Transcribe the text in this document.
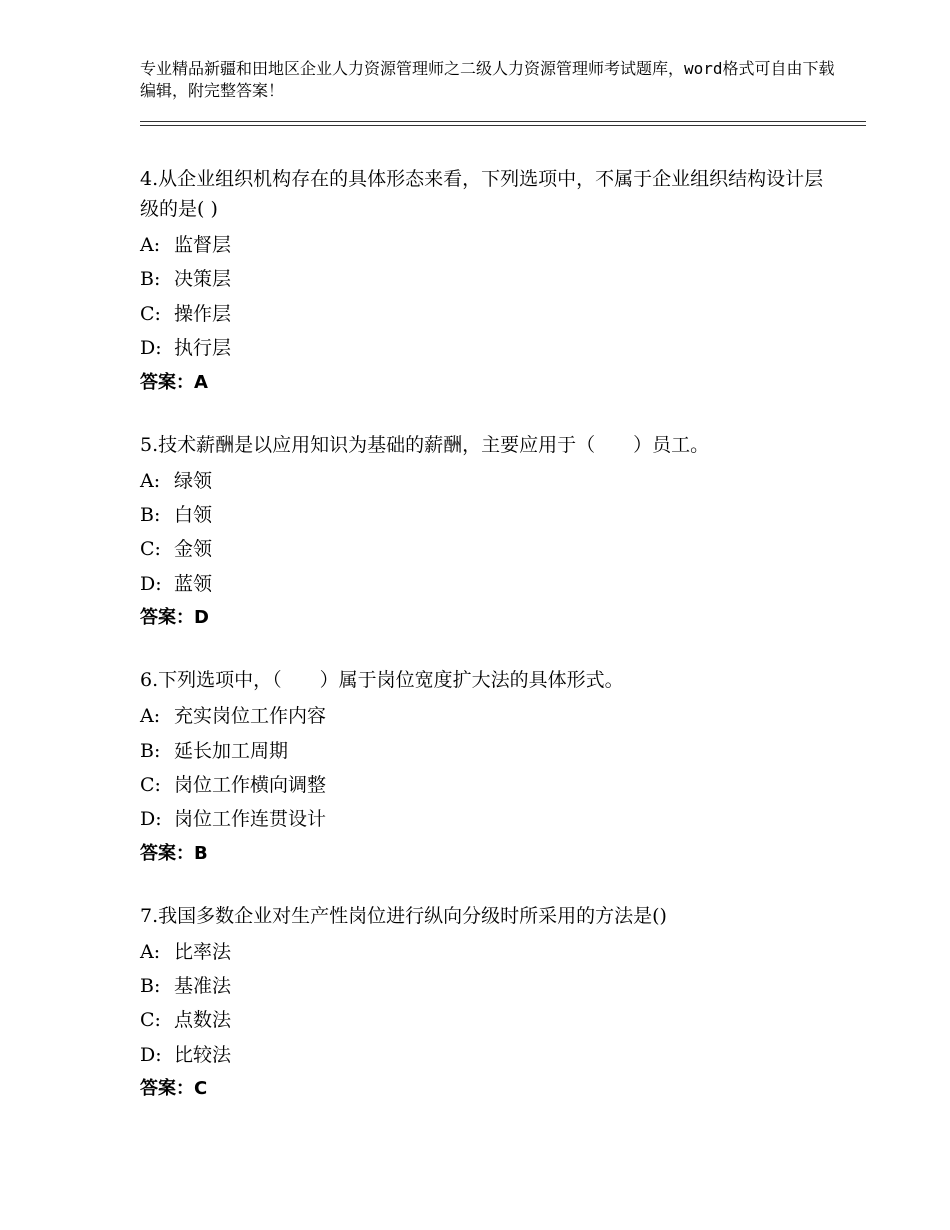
专业精品新疆和田地区企业人力资源管理师之二级人力资源管理师考试题库，word格式可自由下载编辑，附完整答案！
4.从企业组织机构存在的具体形态来看，下列选项中，不属于企业组织结构设计层级的是( )
A: 监督层
B: 决策层
C: 操作层
D: 执行层
答案：A
5.技术薪酬是以应用知识为基础的薪酬，主要应用于（　　）员工。
A: 绿领
B: 白领
C: 金领
D: 蓝领
答案：D
6.下列选项中，（　　）属于岗位宽度扩大法的具体形式。
A: 充实岗位工作内容
B: 延长加工周期
C: 岗位工作横向调整
D: 岗位工作连贯设计
答案：B
7.我国多数企业对生产性岗位进行纵向分级时所采用的方法是()
A: 比率法
B: 基准法
C: 点数法
D: 比较法
答案：C
